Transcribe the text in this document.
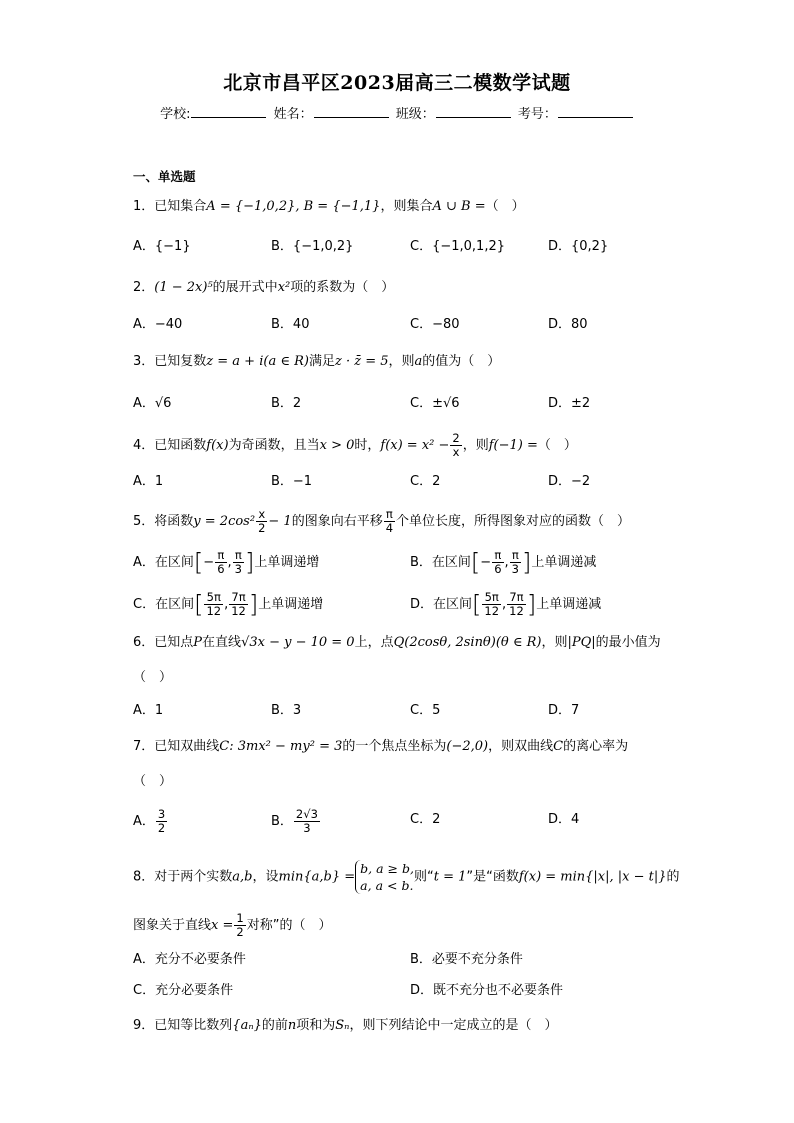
北京市昌平区2023届高三二模数学试题
学校:	姓名：	班级：	考号：
一、单选题
1．已知集合A = {−1,0,2}, B = {−1,1}，则集合A ∪ B =（　）
A．{−1}	B．{−1,0,2}	C．{−1,0,1,2}	D．{0,2}
2．(1 − 2x)⁵的展开式中x²项的系数为（　）
A．−40	B．40	C．−80	D．80
3．已知复数z = a + i(a ∈ R)满足z · z̄ = 5，则a的值为（　）
A．√6	B．2	C．±√6	D．±2
4．已知函数f(x)为奇函数，且当x > 0时，$f(x) = x^2 - \frac{2}{x}$ ，则f(−1) =（　）
A．1	B．−1	C．2	D．−2
5．将函数$y = 2\cos^2 \frac{x}{2} - 1$的图象向右平移 $\frac{\pi}{4}$ 个单位长度，所得图象对应的函数（　）
A．在区间[− $\frac{\pi}{6}$ , $\frac{\pi}{3}$ ]上单调递增	B．在区间[− $\frac{\pi}{6}$ , $\frac{\pi}{3}$ ]上单调递减
C．在区间[ $\frac{5\pi}{12}$ , $\frac{7\pi}{12}$ ]上单调递增	D．在区间[ $\frac{5\pi}{12}$ , $\frac{7\pi}{12}$ ]上单调递减
6．已知点P在直线√3x − y − 10 = 0上，点Q(2cosθ, 2sinθ)(θ ∈ R)，则|PQ|的最小值为
（　）
A．1	B．3	C．5	D．7
7．已知双曲线C: 3mx² − my² = 3的一个焦点坐标为(−2,0)，则双曲线C的离心率为
（　）
A． $\frac{3}{2}$	B． $\frac{2√3}{3}$	C．2	D．4
8．对于两个实数a,b，设min{a,b} =
b, a ≥ b,
a, a < b.
则“t = 1”是“函数f(x) = min{|x|, |x − t|}的
图象关于直线$x = \frac{1}{2}$ 对称”的（　）
A．充分不必要条件	B．必要不充分条件
C．充分必要条件	D．既不充分也不必要条件
9．已知等比数列{aₙ}的前n项和为Sₙ，则下列结论中一定成立的是（　）
